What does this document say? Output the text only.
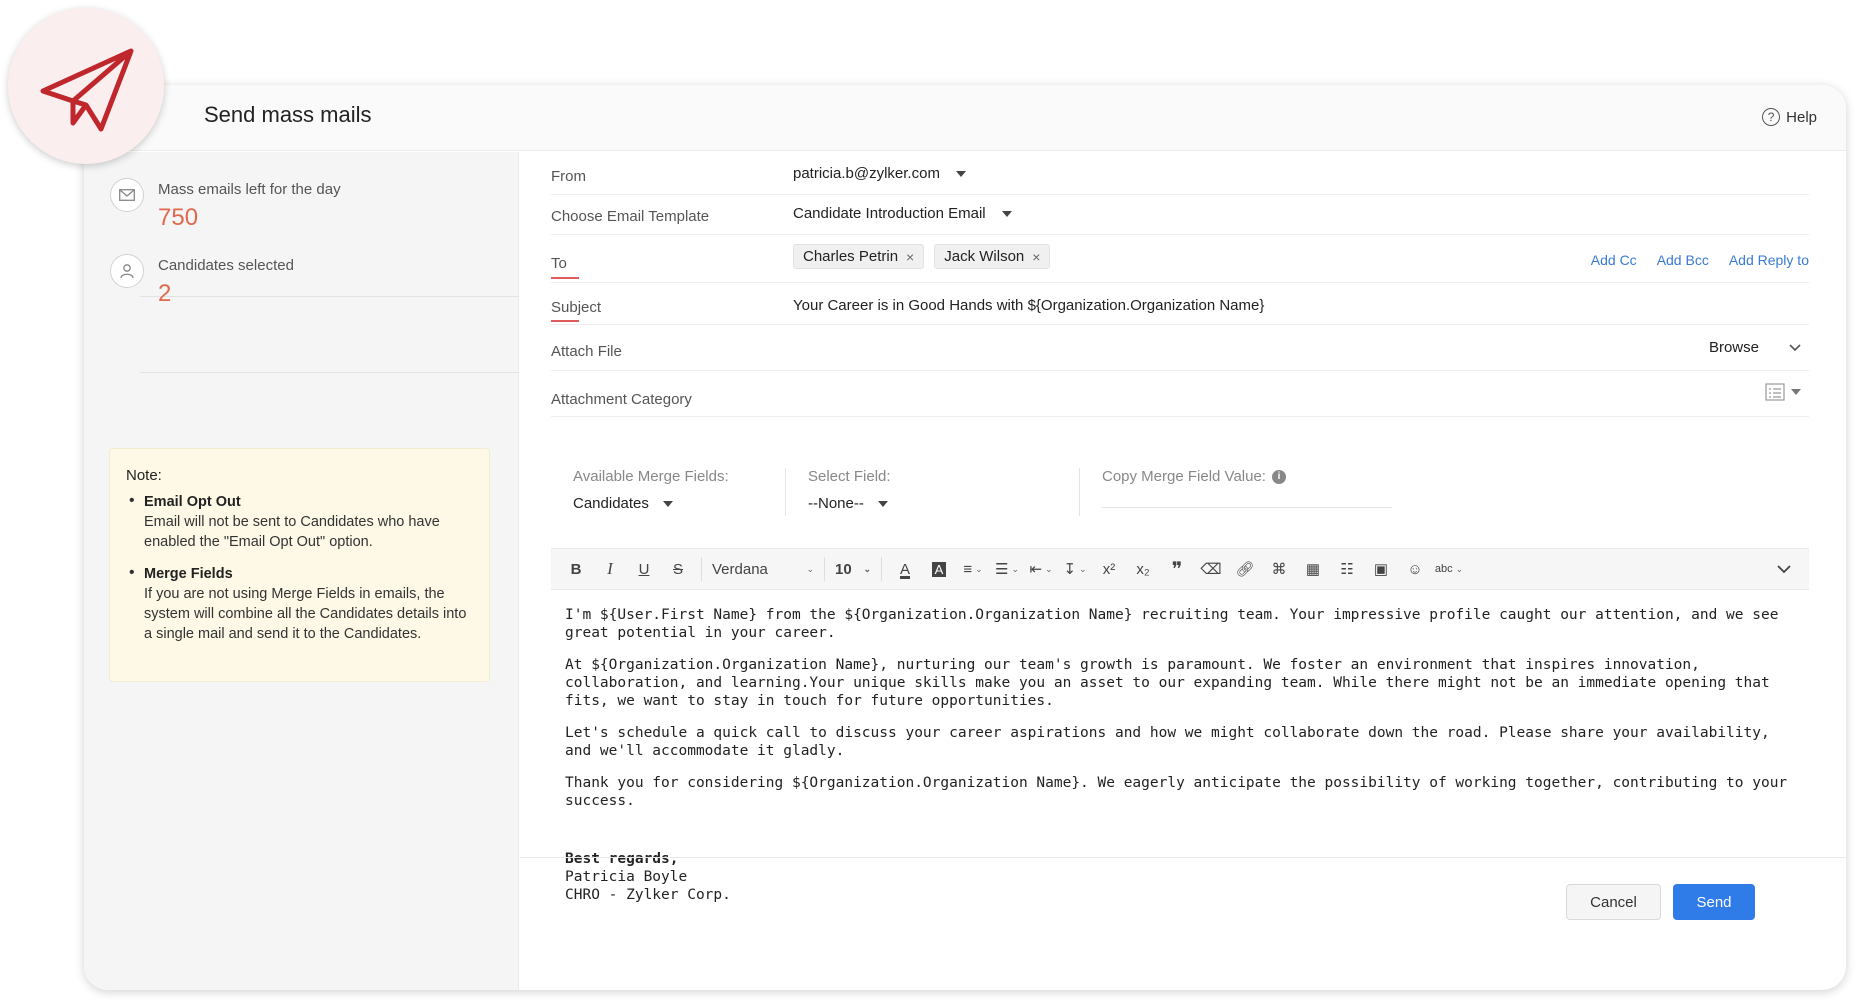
Send mass mails	? Help
Mass emails left for the day
750
Candidates selected
2
Note:
• Email Opt Out
Email will not be sent to Candidates who have enabled the "Email Opt Out" option.
• Merge Fields
If you are not using Merge Fields in emails, the system will combine all the Candidates details into a single mail and send it to the Candidates.
From	patricia.b@zylker.com
Choose Email Template	Candidate Introduction Email
To	Charles Petrin × Jack Wilson ×	Add Cc Add Bcc Add Reply to
Subject	Your Career is in Good Hands with ${Organization.Organization Name}
Attach File	Browse
Attachment Category
Available Merge Fields:
Candidates
Select Field:
--None--
Copy Merge Field Value:	i
B	I	U	S	Verdana	⌄ 10 ⌄	A	A	≡ ⌄ ☰ ⌄ ⇤ ⌄ ↧ ⌄	x²	x₂	❞	⌫ 🔗︎	⌘	▦	☷	▣	☺	abc ⌄

I'm ${User.First Name} from the ${Organization.Organization Name} recruiting team. Your impressive profile caught our attention, and we see great potential in your career.

At ${Organization.Organization Name}, nurturing our team's growth is paramount. We foster an environment that inspires innovation, collaboration, and learning.Your unique skills make you an asset to our expanding team. While there might not be an immediate opening that fits, we want to stay in touch for future opportunities.

Let's schedule a quick call to discuss your career aspirations and how we might collaborate down the road. Please share your availability, and we'll accommodate it gladly.

Thank you for considering ${Organization.Organization Name}. We eagerly anticipate the possibility of working together, contributing to your success.

Best regards,
Patricia Boyle
CHRO - Zylker Corp.	Cancel	Send
